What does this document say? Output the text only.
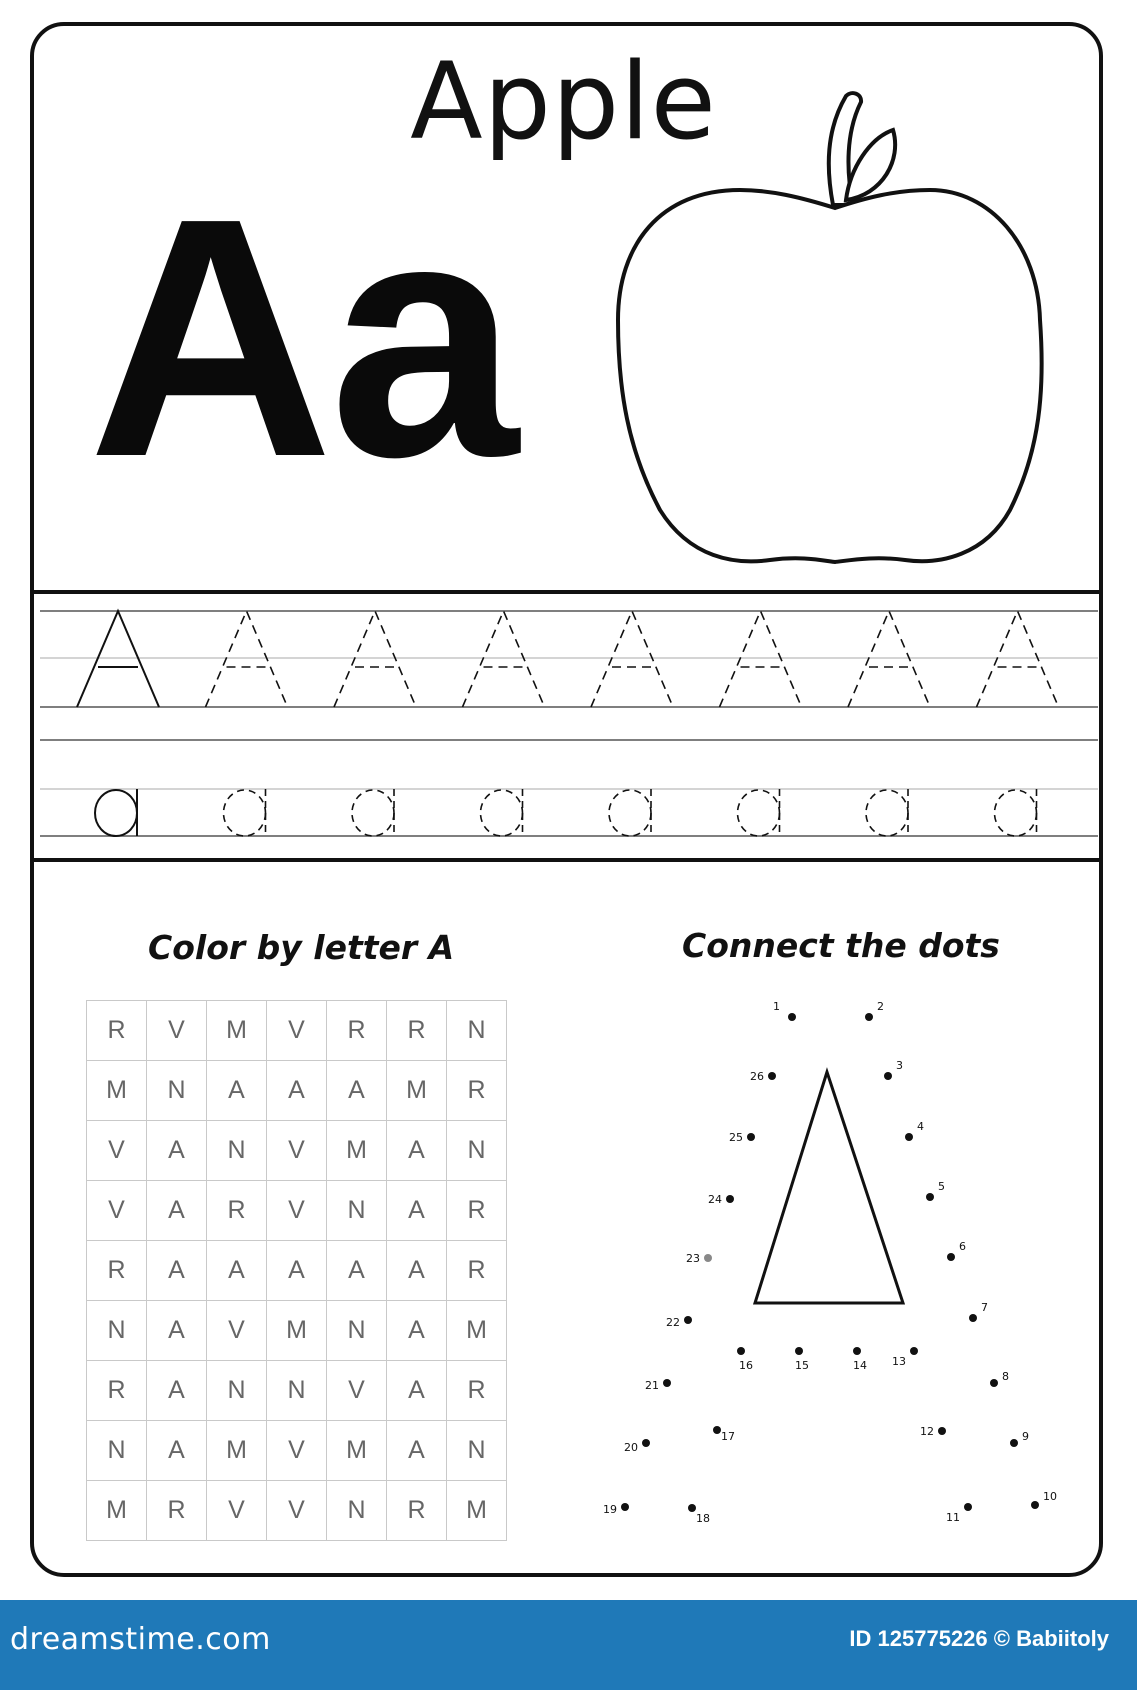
Apple
Aa
Color by letter A	Connect the dots
R	V	M	V	R	R	N
M	N	A	A	A	M	R
V	A	N	V	M	A	N
V	A	R	V	N	A	R
R	A	A	A	A	A	R
N	A	V	M	N	A	M
R	A	N	N	V	A	R
N	A	M	V	M	A	N
M	R	V	V	N	R	M
1	2
3
4
5
6
7
8
9
10
11
12
13
14
15
16
17
18
19
20
21
22
23
24
25
26
dreamstime.com	ID 125775226 © Babiitoly
